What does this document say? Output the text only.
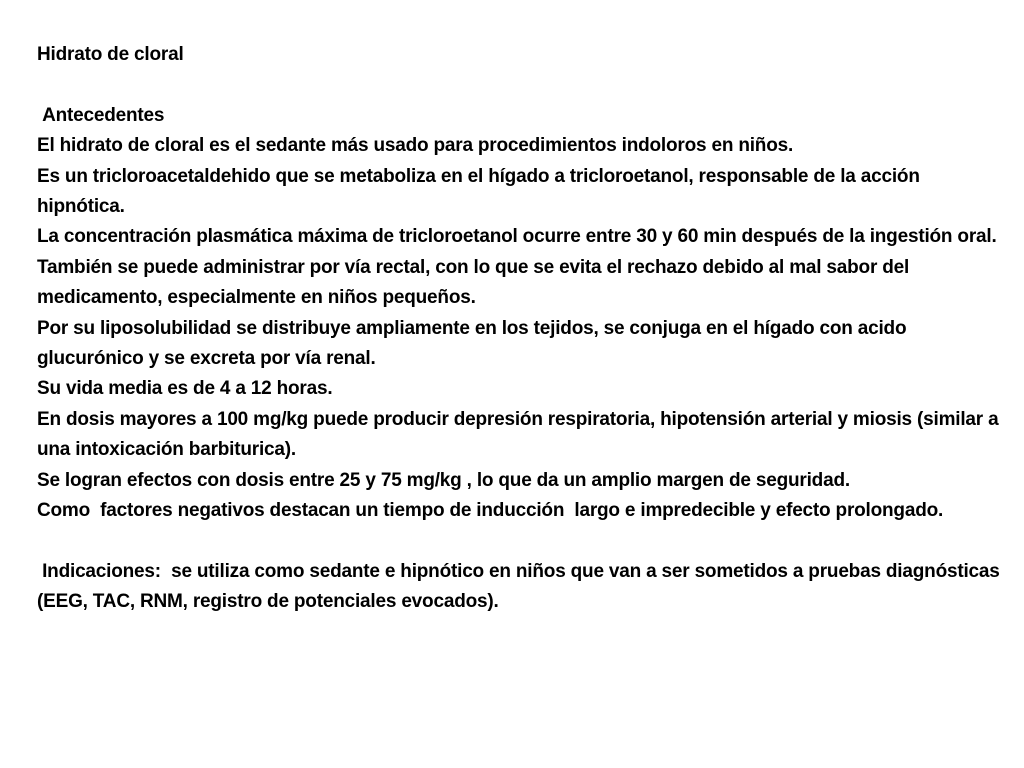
Hidrato de cloral

Antecedentes

El hidrato de cloral es el sedante más usado para procedimientos indoloros en niños.

Es un tricloroacetaldehido que se metaboliza en el hígado a tricloroetanol, responsable de la acción hipnótica.

La concentración plasmática máxima de tricloroetanol ocurre entre 30 y 60 min después de la ingestión oral.

También se puede administrar por vía rectal, con lo que se evita el rechazo debido al mal sabor del medicamento, especialmente en niños pequeños.

Por su liposolubilidad se distribuye ampliamente en los tejidos, se conjuga en el hígado con acido glucurónico y se excreta por vía renal.

Su vida media es de 4 a 12 horas.

En dosis mayores a 100 mg/kg puede producir depresión respiratoria, hipotensión arterial y miosis (similar a una intoxicación barbiturica).

Se logran efectos con dosis entre 25 y 75 mg/kg , lo que da un amplio margen de seguridad.

Como  factores negativos destacan un tiempo de inducción  largo e impredecible y efecto prolongado.

Indicaciones:  se utiliza como sedante e hipnótico en niños que van a ser sometidos a pruebas diagnósticas (EEG, TAC, RNM, registro de potenciales evocados).
